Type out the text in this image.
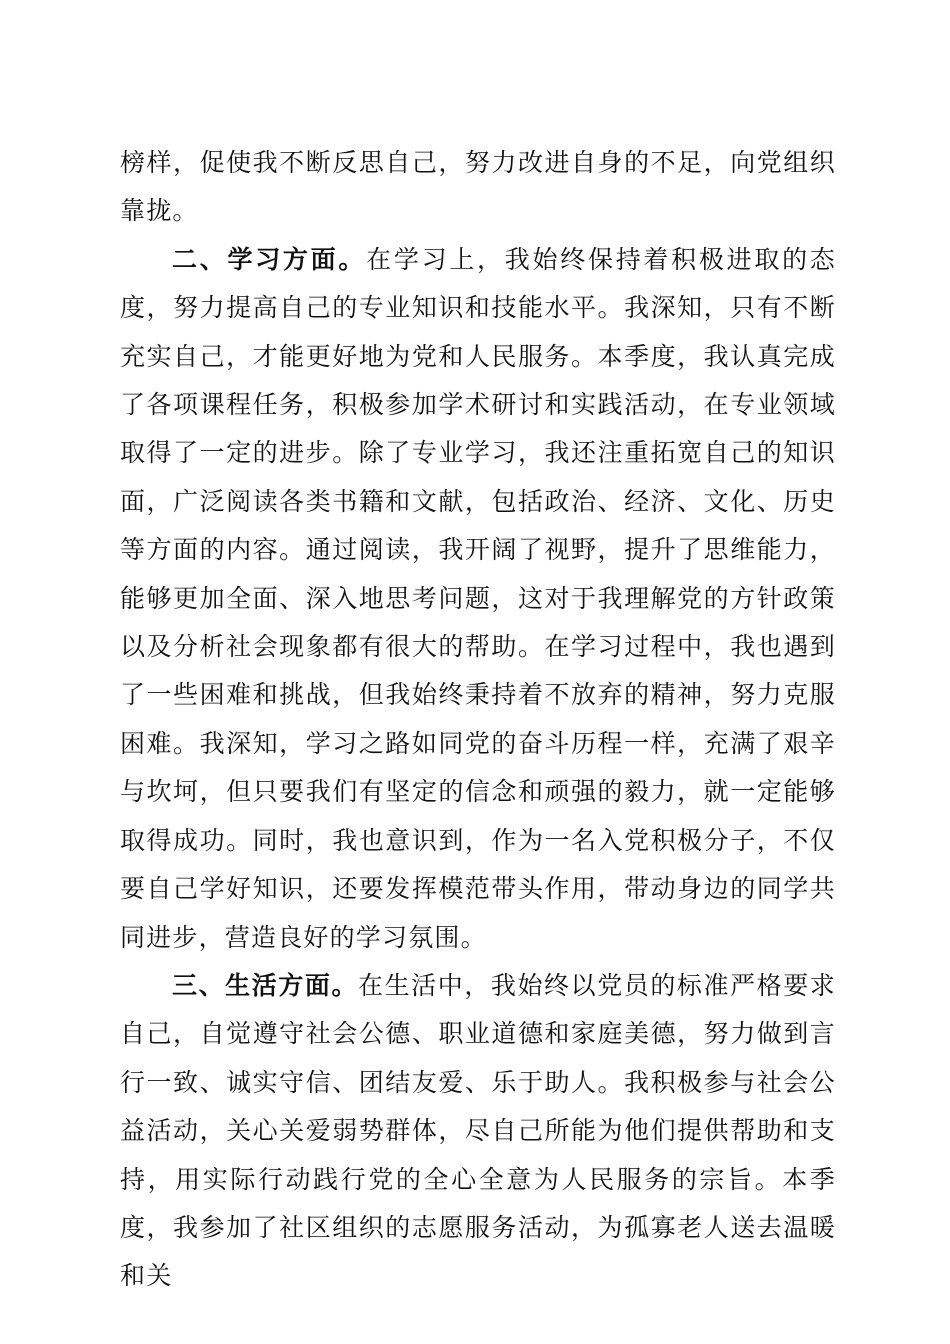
榜样，促使我不断反思自己，努力改进自身的不足，向党组织靠拢。

二、学习方面。在学习上，我始终保持着积极进取的态度，努力提高自己的专业知识和技能水平。我深知，只有不断充实自己，才能更好地为党和人民服务。本季度，我认真完成了各项课程任务，积极参加学术研讨和实践活动，在专业领域取得了一定的进步。除了专业学习，我还注重拓宽自己的知识面，广泛阅读各类书籍和文献，包括政治、经济、文化、历史等方面的内容。通过阅读，我开阔了视野，提升了思维能力，能够更加全面、深入地思考问题，这对于我理解党的方针政策以及分析社会现象都有很大的帮助。在学习过程中，我也遇到了一些困难和挑战，但我始终秉持着不放弃的精神，努力克服困难。我深知，学习之路如同党的奋斗历程一样，充满了艰辛与坎坷，但只要我们有坚定的信念和顽强的毅力，就一定能够取得成功。同时，我也意识到，作为一名入党积极分子，不仅要自己学好知识，还要发挥模范带头作用，带动身边的同学共同进步，营造良好的学习氛围。

三、生活方面。在生活中，我始终以党员的标准严格要求自己，自觉遵守社会公德、职业道德和家庭美德，努力做到言行一致、诚实守信、团结友爱、乐于助人。我积极参与社会公益活动，关心关爱弱势群体，尽自己所能为他们提供帮助和支持，用实际行动践行党的全心全意为人民服务的宗旨。本季度，我参加了社区组织的志愿服务活动，为孤寡老人送去温暖和关
